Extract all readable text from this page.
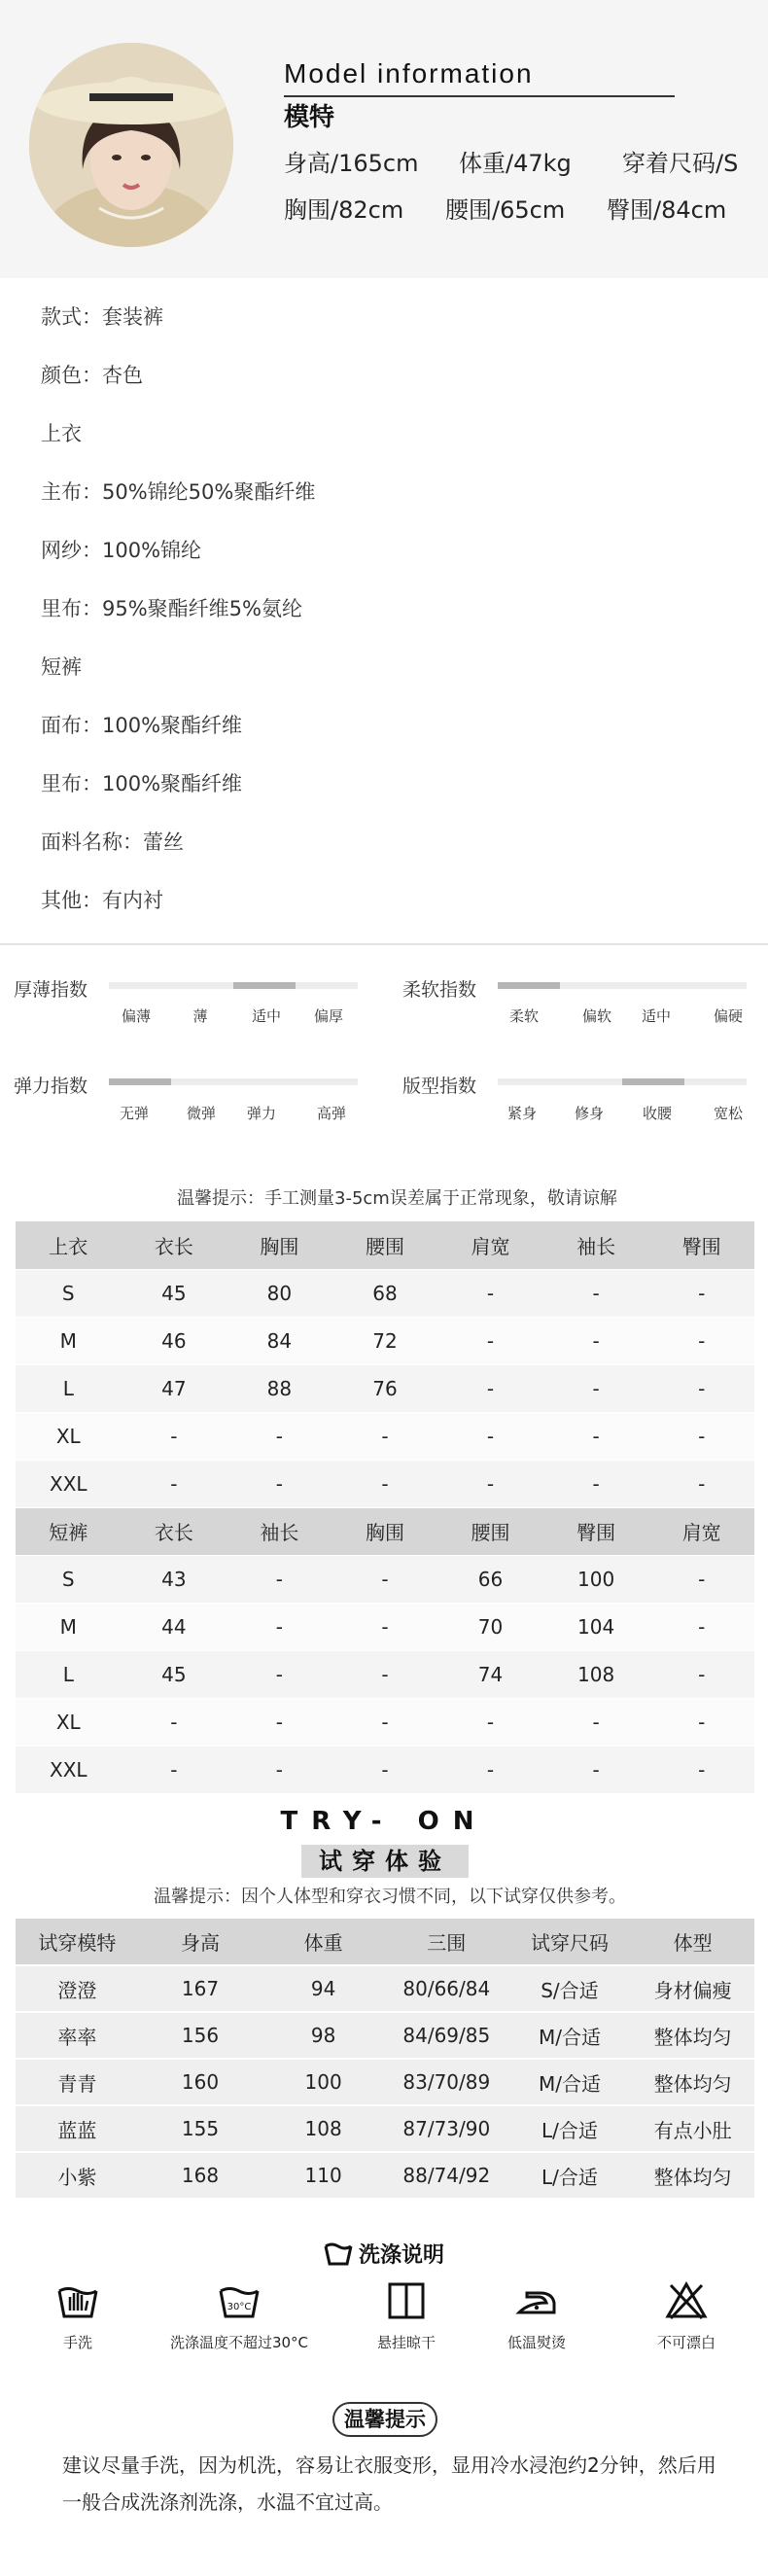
Model information
模特
身高/165cm	体重/47kg	穿着尺码/S
胸围/82cm	腰围/65cm	臀围/84cm
款式：套装裤
颜色：杏色
上衣
主布：50%锦纶50%聚酯纤维
网纱：100%锦纶
里布：95%聚酯纤维5%氨纶
短裤
面布：100%聚酯纤维
里布：100%聚酯纤维
面料名称：蕾丝
其他：有内衬
厚薄指数
偏薄	薄	适中 偏厚
柔软指数
柔软	偏软 适中	偏硬
弹力指数
无弹	微弹 弹力	高弹
版型指数
紧身	修身	收腰	宽松
温馨提示：手工测量3-5cm误差属于正常现象，敬请谅解
上衣	衣长	胸围	腰围	肩宽	袖长	臀围
S	45	80	68	-	-	-
M	46	84	72	-	-	-
L	47	88	76	-	-	-
XL	-	-	-	-	-	-
XXL	-	-	-	-	-	-
短裤	衣长	袖长	胸围	腰围	臀围	肩宽
S	43	-	-	66	100	-
M	44	-	-	70	104	-
L	45	-	-	74	108	-
XL	-	-	-	-	-	-
XXL	-	-	-	-	-	-
TRY- ON
试穿体验
温馨提示：因个人体型和穿衣习惯不同，以下试穿仅供参考。
试穿模特	身高	体重	三围	试穿尺码	体型
澄澄	167	94	80/66/84	S/合适	身材偏瘦
率率	156	98	84/69/85	M/合适	整体均匀
青青	160	100	83/70/89	M/合适	整体均匀
蓝蓝	155	108	87/73/90	L/合适	有点小肚
小紫	168	110	88/74/92	L/合适	整体均匀
洗涤说明
手洗
30°C
洗涤温度不超过30°C	悬挂晾干	低温熨烫	不可漂白
温馨提示
建议尽量手洗，因为机洗，容易让衣服变形，显用冷水浸泡约2分钟，然后用一般合成洗涤剂洗涤，水温不宜过高。
